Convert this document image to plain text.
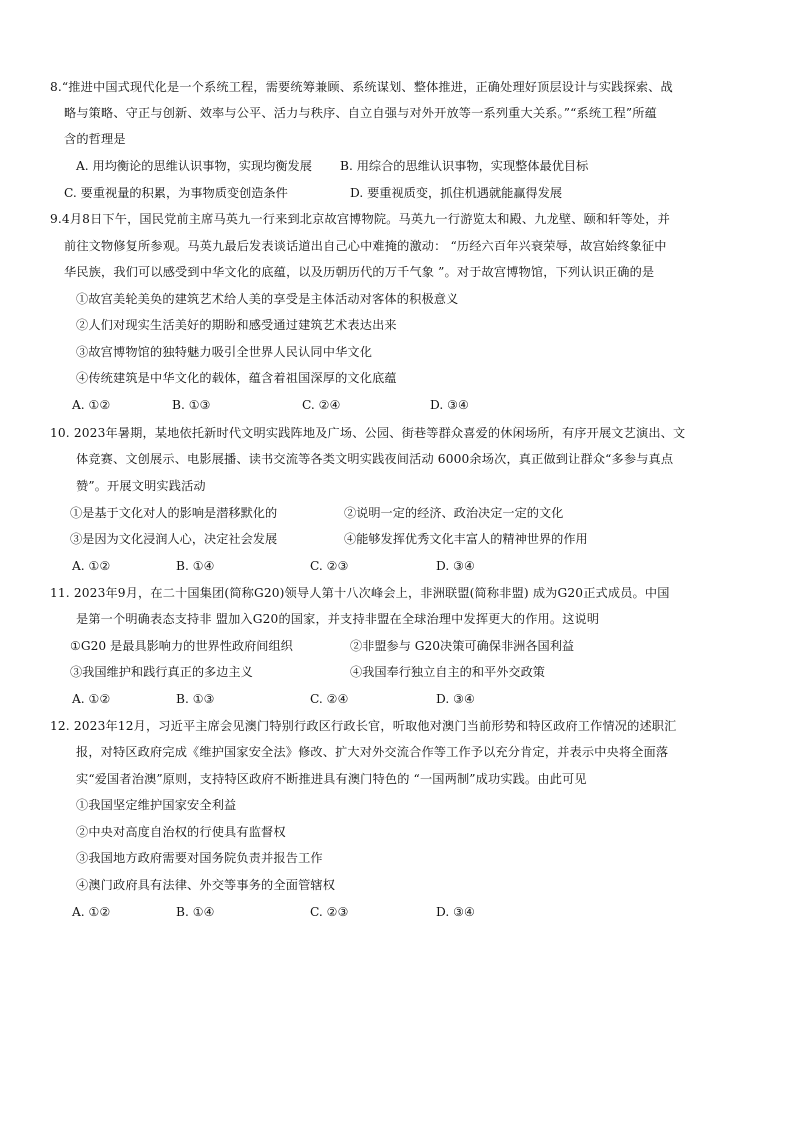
8.“推进中国式现代化是一个系统工程，需要统筹兼顾、系统谋划、整体推进，正确处理好顶层设计与实践探索、战
略与策略、守正与创新、效率与公平、活力与秩序、自立自强与对外开放等一系列重大关系。”“系统工程”所蕴
含的哲理是
A. 用均衡论的思维认识事物，实现均衡发展 B. 用综合的思维认识事物，实现整体最优目标
C. 要重视量的积累，为事物质变创造条件	D. 要重视质变，抓住机遇就能赢得发展
9.4月8日下午，国民党前主席马英九一行来到北京故宫博物院。马英九一行游览太和殿、九龙壁、颐和轩等处，并
前往文物修复所参观。马英九最后发表谈话道出自己心中难掩的激动： “历经六百年兴衰荣辱，故宫始终象征中
华民族，我们可以感受到中华文化的底蕴，以及历朝历代的万千气象 ”。对于故宫博物馆，下列认识正确的是
①故宫美轮美奂的建筑艺术给人美的享受是主体活动对客体的积极意义
②人们对现实生活美好的期盼和感受通过建筑艺术表达出来
③故宫博物馆的独特魅力吸引全世界人民认同中华文化
④传统建筑是中华文化的载体，蕴含着祖国深厚的文化底蕴
A. ①②	B. ①③	C. ②④	D. ③④
10. 2023年暑期，某地依托新时代文明实践阵地及广场、公园、街巷等群众喜爱的休闲场所，有序开展文艺演出、文
体竞赛、文创展示、电影展播、读书交流等各类文明实践夜间活动 6000余场次，真正做到让群众“多参与真点
赞”。开展文明实践活动
①是基于文化对人的影响是潜移默化的	②说明一定的经济、政治决定一定的文化
③是因为文化浸润人心，决定社会发展	④能够发挥优秀文化丰富人的精神世界的作用
A. ①②	B. ①④	C. ②③	D. ③④
11. 2023年9月，在二十国集团(简称G20)领导人第十八次峰会上，非洲联盟(简称非盟) 成为G20正式成员。中国
是第一个明确表态支持非 盟加入G20的国家，并支持非盟在全球治理中发挥更大的作用。这说明
①G20 是最具影响力的世界性政府间组织	②非盟参与 G20决策可确保非洲各国利益
③我国维护和践行真正的多边主义	④我国奉行独立自主的和平外交政策
A. ①②	B. ①③	C. ②④	D. ③④
12. 2023年12月，习近平主席会见澳门特别行政区行政长官，听取他对澳门当前形势和特区政府工作情况的述职汇
报，对特区政府完成《维护国家安全法》修改、扩大对外交流合作等工作予以充分肯定，并表示中央将全面落
实“爱国者治澳”原则，支持特区政府不断推进具有澳门特色的 “一国两制”成功实践。由此可见
①我国坚定维护国家安全利益
②中央对高度自治权的行使具有监督权
③我国地方政府需要对国务院负责并报告工作
④澳门政府具有法律、外交等事务的全面管辖权
A. ①②	B. ①④	C. ②③	D. ③④
